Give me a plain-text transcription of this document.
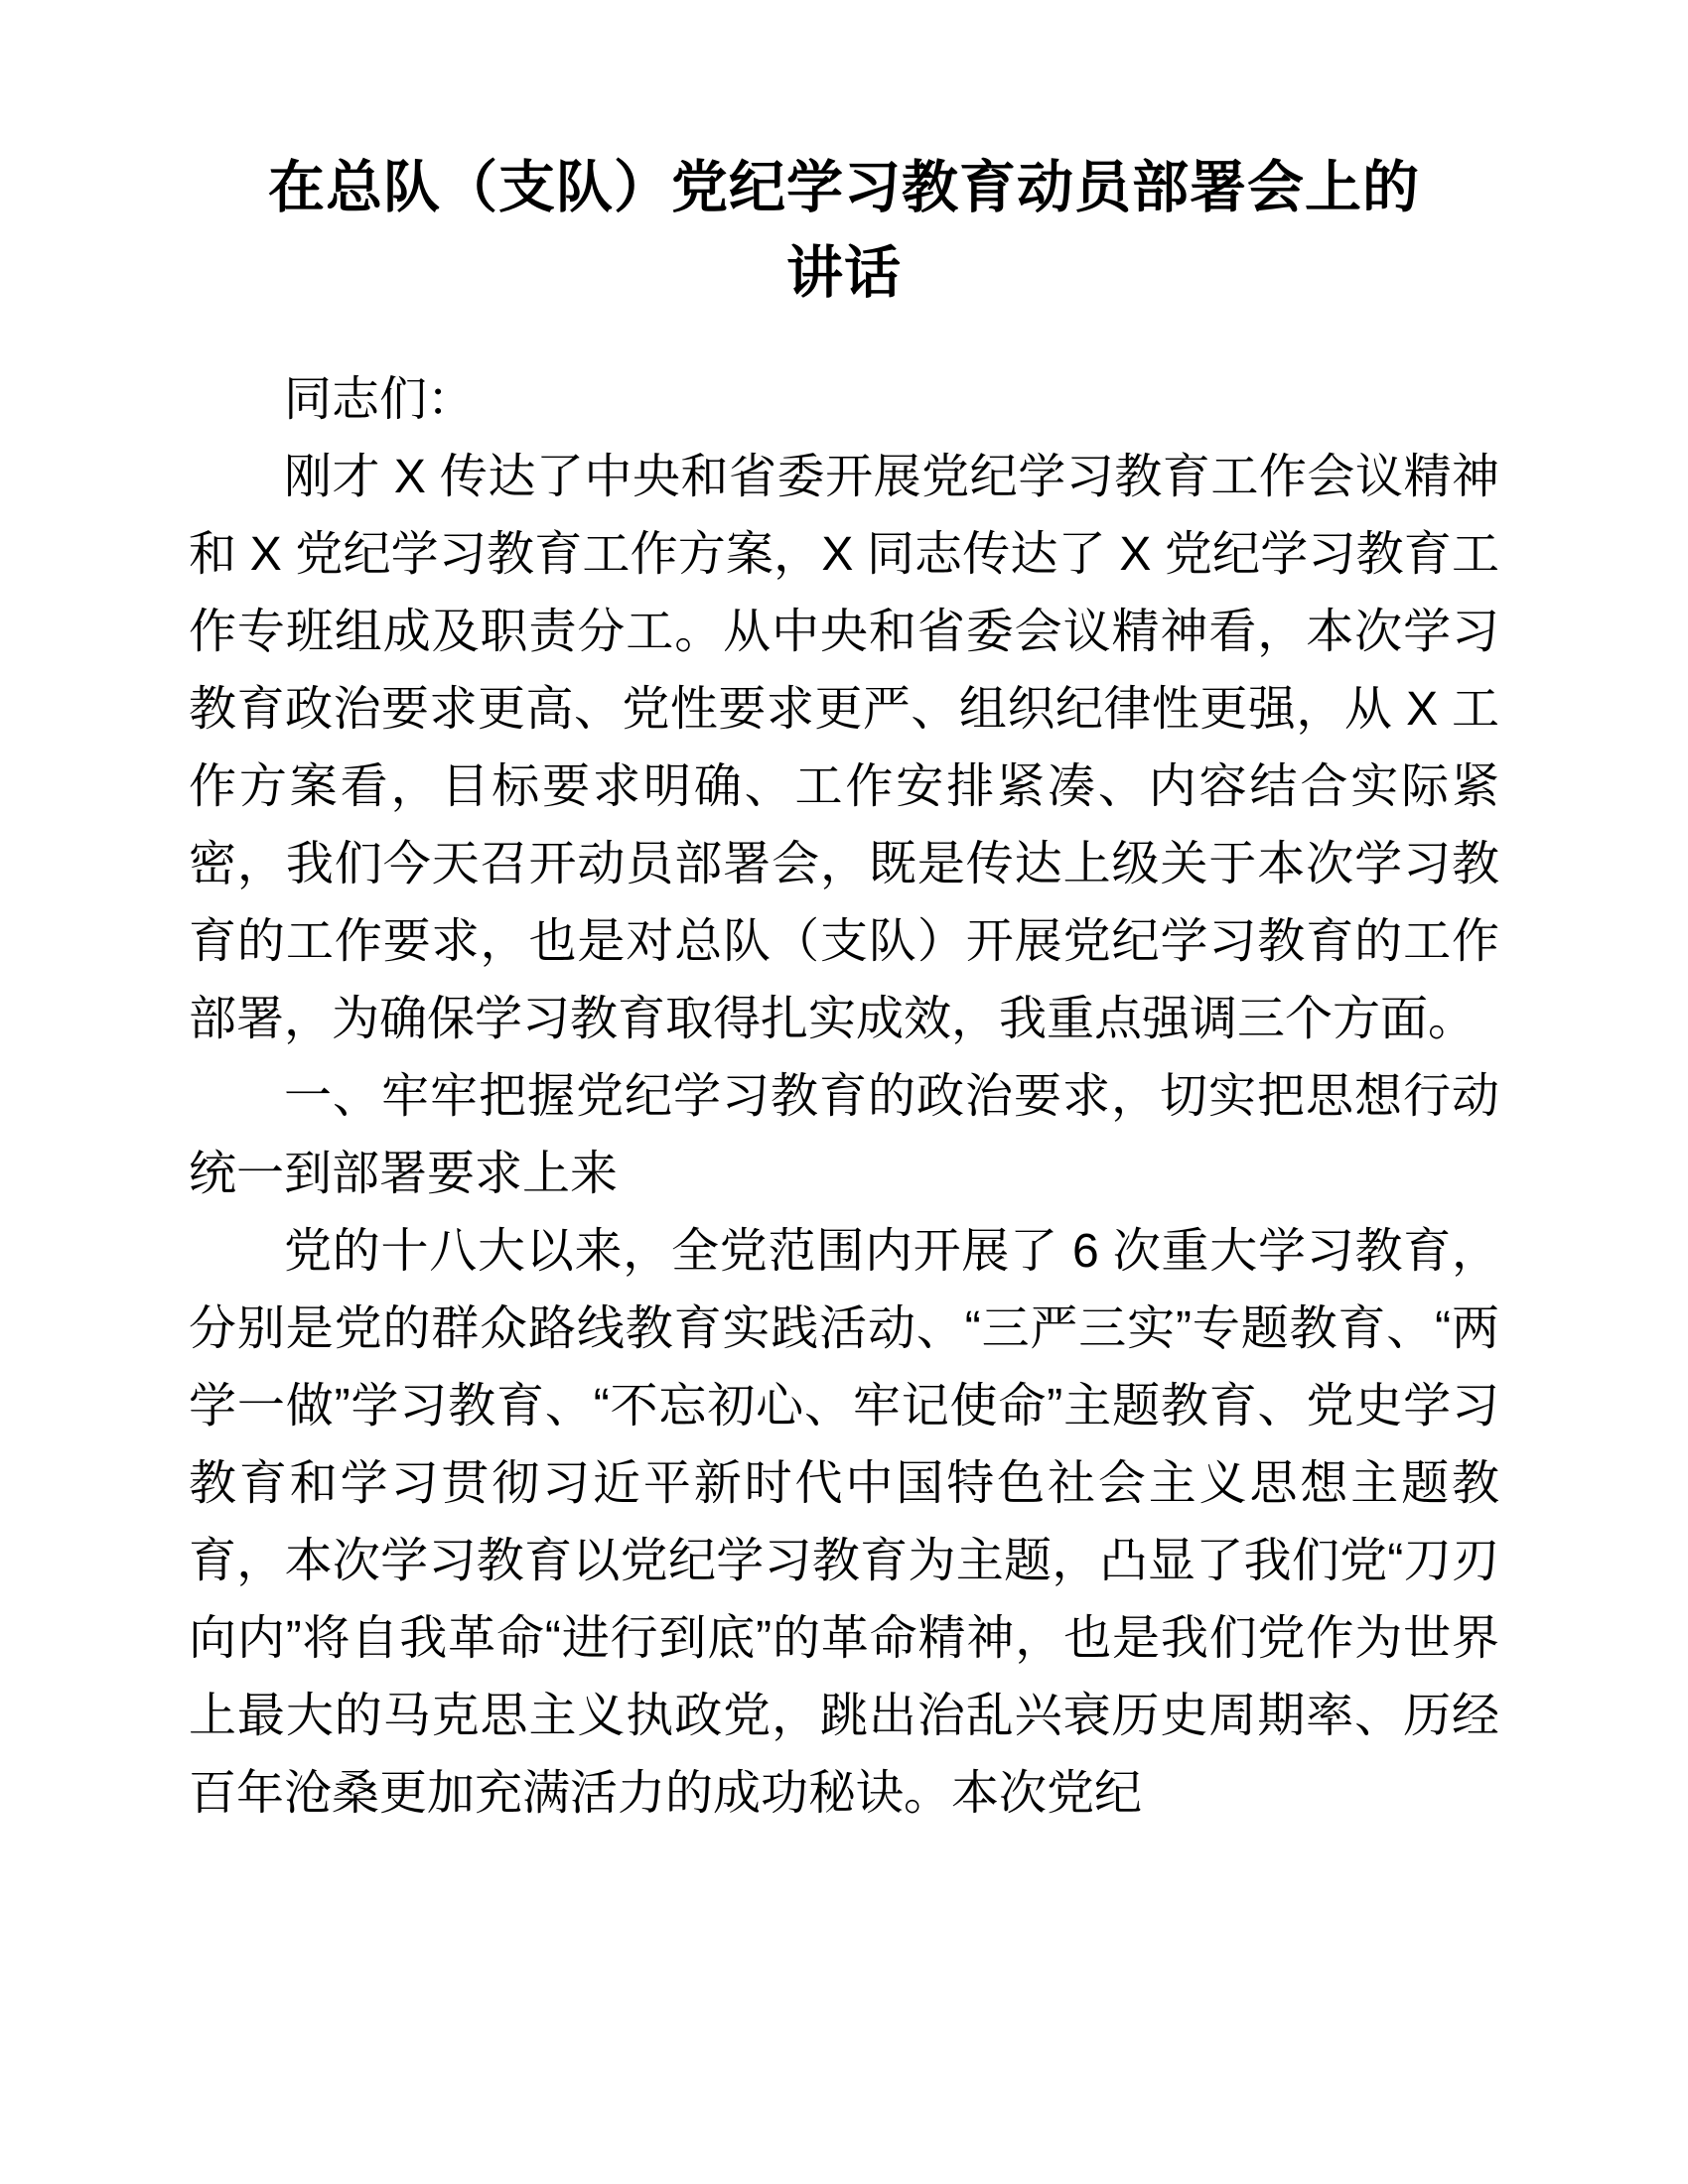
在总队（支队）党纪学习教育动员部署会上的讲话

同志们：

刚才 X 传达了中央和省委开展党纪学习教育工作会议精神和 X 党纪学习教育工作方案，X 同志传达了 X 党纪学习教育工作专班组成及职责分工。从中央和省委会议精神看，本次学习教育政治要求更高、党性要求更严、组织纪律性更强，从 X 工作方案看，目标要求明确、工作安排紧凑、内容结合实际紧密，我们今天召开动员部署会，既是传达上级关于本次学习教育的工作要求，也是对总队（支队）开展党纪学习教育的工作部署，为确保学习教育取得扎实成效，我重点强调三个方面。

一、牢牢把握党纪学习教育的政治要求，切实把思想行动统一到部署要求上来

党的十八大以来，全党范围内开展了 6 次重大学习教育，分别是党的群众路线教育实践活动、“三严三实”专题教育、“两学一做”学习教育、“不忘初心、牢记使命”主题教育、党史学习教育和学习贯彻习近平新时代中国特色社会主义思想主题教育，本次学习教育以党纪学习教育为主题，凸显了我们党“刀刃向内”将自我革命“进行到底”的革命精神，也是我们党作为世界上最大的马克思主义执政党，跳出治乱兴衰历史周期率、历经百年沧桑更加充满活力的成功秘诀。本次党纪
